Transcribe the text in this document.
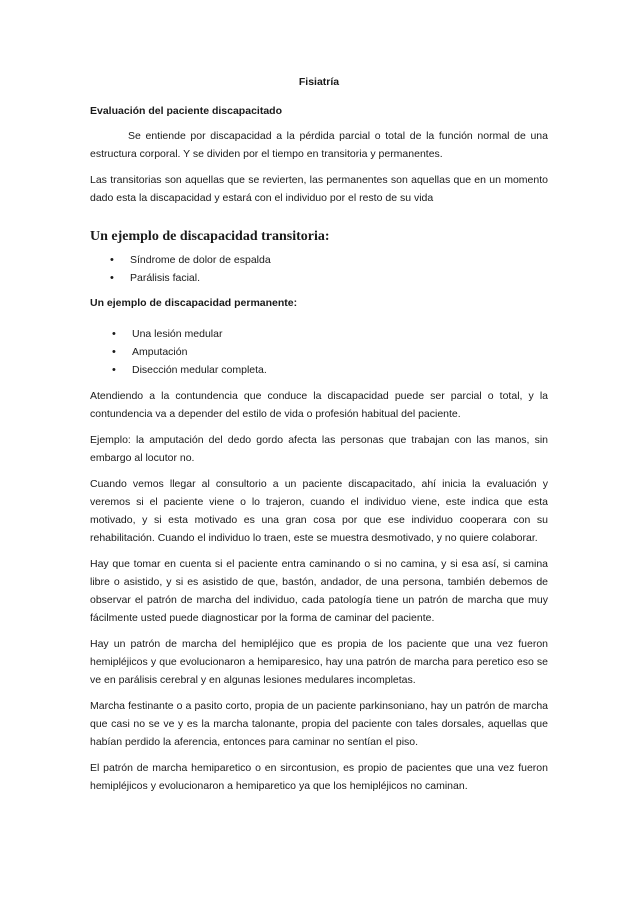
Fisiatría
Evaluación del paciente discapacitado

Se entiende por discapacidad a la pérdida parcial o total de la función normal de una estructura corporal. Y se dividen por el tiempo en transitoria y permanentes.

Las transitorias son aquellas que se revierten, las permanentes son aquellas que en un momento dado esta la discapacidad y estará con el individuo por el resto de su vida

Un ejemplo de discapacidad transitoria:
• Síndrome de dolor de espalda
• Parálisis facial.
Un ejemplo de discapacidad permanente:
• Una lesión medular
• Amputación
• Disección medular completa.

Atendiendo a la contundencia que conduce la discapacidad puede ser parcial o total, y la contundencia va a depender del estilo de vida o profesión habitual del paciente.

Ejemplo: la amputación del dedo gordo afecta las personas que trabajan con las manos, sin embargo al locutor no.

Cuando vemos llegar al consultorio a un paciente discapacitado, ahí inicia la evaluación y veremos si el paciente viene o lo trajeron, cuando el individuo viene, este indica que esta motivado, y si esta motivado es una gran cosa por que ese individuo cooperara con su rehabilitación. Cuando el individuo lo traen, este se muestra desmotivado, y no quiere colaborar.

Hay que tomar en cuenta si el paciente entra caminando o si no camina, y si esa así, si camina libre o asistido, y si es asistido de que, bastón, andador, de una persona, también debemos de observar el patrón de marcha del individuo, cada patología tiene un patrón de marcha que muy fácilmente usted puede diagnosticar por la forma de caminar del paciente.

Hay un patrón de marcha del hemipléjico que es propia de los paciente que una vez fueron hemipléjicos y que evolucionaron a hemiparesico, hay una patrón de marcha para peretico eso se ve en parálisis cerebral y en algunas lesiones medulares incompletas.

Marcha festinante o a pasito corto, propia de un paciente parkinsoniano, hay un patrón de marcha que casi no se ve y es la marcha talonante, propia del paciente con tales dorsales, aquellas que habían perdido la aferencia, entonces para caminar no sentían el piso.

El patrón de marcha hemiparetico o en sircontusion, es propio de pacientes que una vez fueron hemipléjicos y evolucionaron a hemiparetico ya que los hemipléjicos no caminan.
